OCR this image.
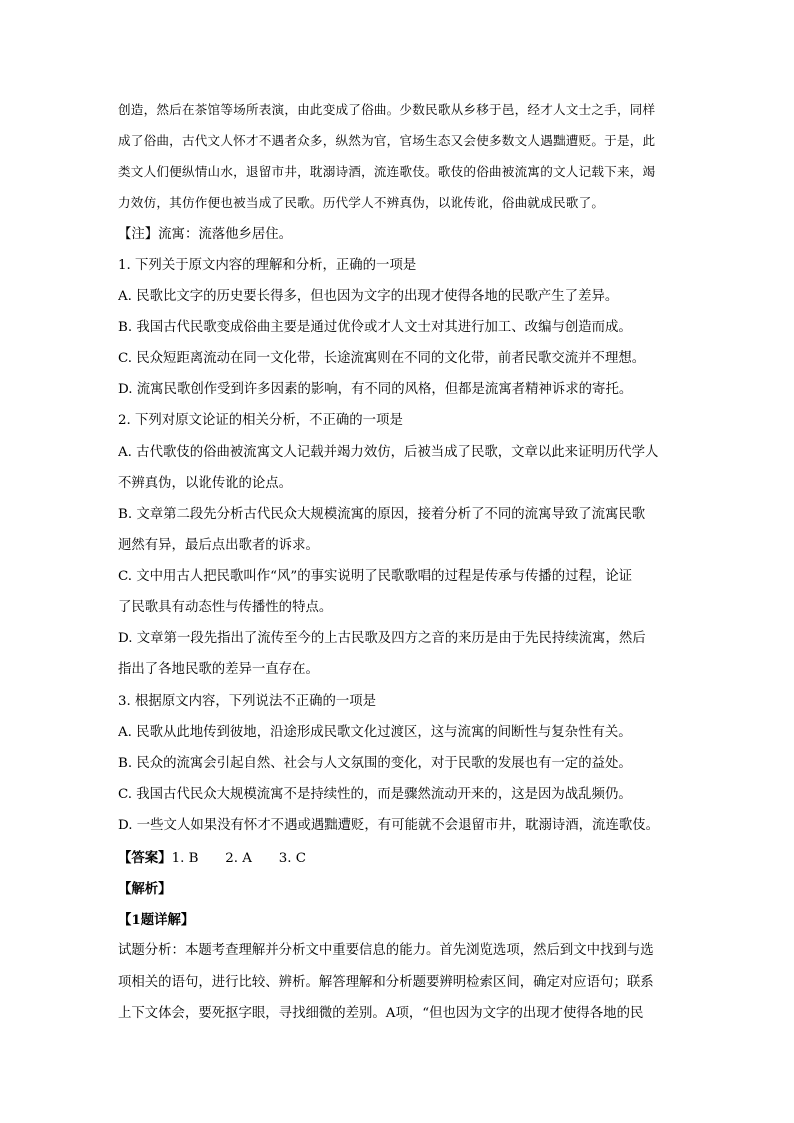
创造，然后在茶馆等场所表演，由此变成了俗曲。少数民歌从乡移于邑，经才人文士之手，同样
成了俗曲，古代文人怀才不遇者众多，纵然为官，官场生态又会使多数文人遇黜遭贬。于是，此
类文人们便纵情山水，退留市井，耽溺诗酒，流连歌伎。歌伎的俗曲被流寓的文人记载下来，竭
力效仿，其仿作便也被当成了民歌。历代学人不辨真伪，以讹传讹，俗曲就成民歌了。
【注】流寓：流落他乡居住。
1. 下列关于原文内容的理解和分析，正确的一项是
A. 民歌比文字的历史要长得多，但也因为文字的出现才使得各地的民歌产生了差异。
B. 我国古代民歌变成俗曲主要是通过优伶或才人文士对其进行加工、改编与创造而成。
C. 民众短距离流动在同一文化带，长途流寓则在不同的文化带，前者民歌交流并不理想。
D. 流寓民歌创作受到许多因素的影响，有不同的风格，但都是流寓者精神诉求的寄托。
2. 下列对原文论证的相关分析，不正确的一项是
A. 古代歌伎的俗曲被流寓文人记载并竭力效仿，后被当成了民歌，文章以此来证明历代学人
不辨真伪，以讹传讹的论点。
B. 文章第二段先分析古代民众大规模流寓的原因，接着分析了不同的流寓导致了流寓民歌
迥然有异，最后点出歌者的诉求。
C. 文中用古人把民歌叫作“风”的事实说明了民歌歌唱的过程是传承与传播的过程，论证
了民歌具有动态性与传播性的特点。
D. 文章第一段先指出了流传至今的上古民歌及四方之音的来历是由于先民持续流寓，然后
指出了各地民歌的差异一直存在。
3. 根据原文内容，下列说法不正确的一项是
A. 民歌从此地传到彼地，沿途形成民歌文化过渡区，这与流寓的间断性与复杂性有关。
B. 民众的流寓会引起自然、社会与人文氛围的变化，对于民歌的发展也有一定的益处。
C. 我国古代民众大规模流寓不是持续性的，而是骤然流动开来的，这是因为战乱频仍。
D. 一些文人如果没有怀才不遇或遇黜遭贬，有可能就不会退留市井，耽溺诗酒，流连歌伎。
【答案】1. B　　2. A　　3. C
【解析】
【1题详解】
试题分析：本题考查理解并分析文中重要信息的能力。首先浏览选项，然后到文中找到与选
项相关的语句，进行比较、辨析。解答理解和分析题要辨明检索区间，确定对应语句；联系
上下文体会，要死抠字眼，寻找细微的差别。A项，“但也因为文字的出现才使得各地的民
